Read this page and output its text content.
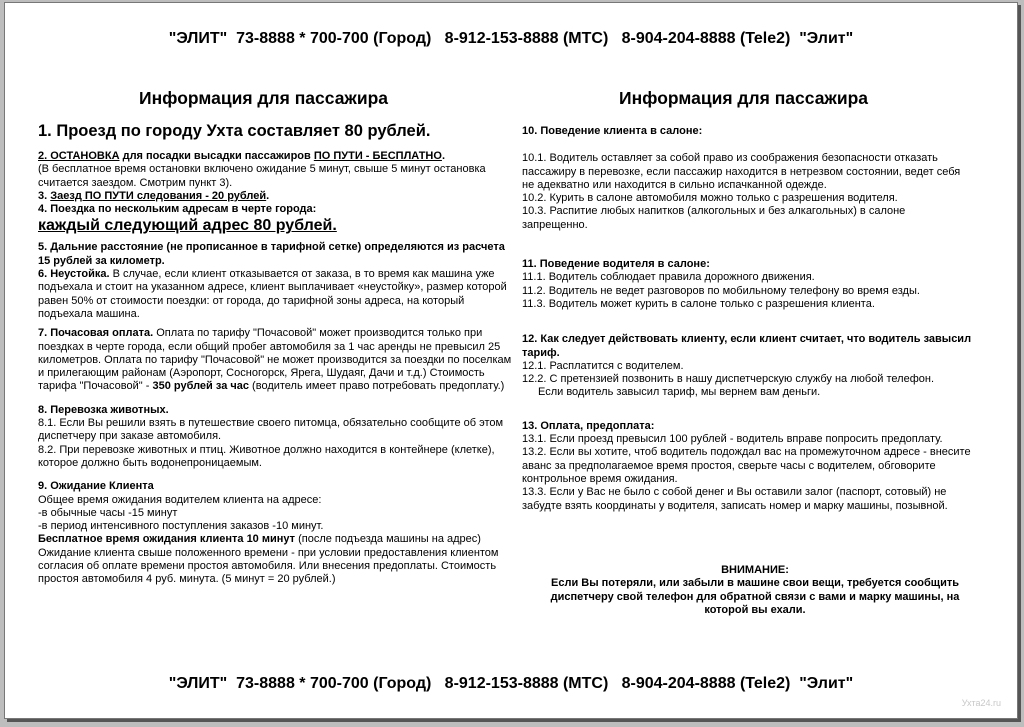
"ЭЛИТ"  73-8888 * 700-700 (Город)   8-912-153-8888 (МТС)   8-904-204-8888 (Tele2)  "Элит"
Информация для пассажира	Информация для пассажира
1. Проезд по городу Ухта составляет 80 рублей.
2. ОСТАНОВКА для посадки высадки пассажиров ПО ПУТИ - БЕСПЛАТНО.
(В бесплатное время остановки включено ожидание 5 минут, свыше 5 минут остановка считается заездом. Смотрим пункт 3).
3. Заезд ПО ПУТИ следования - 20 рублей.
4. Поездка по нескольким адресам в черте города:
каждый следующий адрес 80 рублей.
5. Дальние расстояние (не прописанное в тарифной сетке) определяются из расчета 15 рублей за километр.
6. Неустойка. В случае, если клиент отказывается от заказа, в то время как машина уже подъехала и стоит на указанном адресе, клиент выплачивает «неустойку», размер которой равен 50% от стоимости поездки: от города, до тарифной зоны адреса, на который подъехала машина.
7. Почасовая оплата. Оплата по тарифу "Почасовой" может производится только при поездках в черте города, если общий пробег автомобиля за 1 час аренды не превысил 25 километров. Оплата по тарифу "Почасовой" не может производится за поездки по поселкам и прилегающим районам (Аэропорт, Сосногорск, Ярега, Шудаяг, Дачи и т.д.) Стоимость тарифа "Почасовой" - 350 рублей за час (водитель имеет право потребовать предоплату.)
8. Перевозка животных.
8.1. Если Вы решили взять в путешествие своего питомца, обязательно сообщите об этом диспетчеру при заказе автомобиля.
8.2. При перевозке животных и птиц. Животное должно находится в контейнере (клетке), которое должно быть водонепроницаемым.
9. Ожидание Клиента
Общее время ожидания водителем клиента на адресе:
-в обычные часы -15 минут
-в период интенсивного поступления заказов -10 минут.
Бесплатное время ожидания клиента 10 минут (после подъезда машины на адрес)
Ожидание клиента свыше положенного времени - при условии предоставления клиентом согласия об оплате времени простоя автомобиля. Или внесения предоплаты. Стоимость простоя автомобиля 4 руб. минута. (5 минут = 20 рублей.)
10. Поведение клиента в салоне:
10.1. Водитель оставляет за собой право из соображения безопасности отказать пассажиру в перевозке, если пассажир находится в нетрезвом состоянии, ведет себя не адекватно или находится в сильно испачканной одежде.
10.2. Курить в салоне автомобиля можно только с разрешения водителя.
10.3. Распитие любых напитков (алкогольных и без алкагольных) в салоне запрещенно.
11. Поведение водителя в салоне:
11.1. Водитель соблюдает правила дорожного движения.
11.2. Водитель не ведет разговоров по мобильному телефону во время езды.
11.3. Водитель может курить в салоне только с разрешения клиента.
12. Как следует действовать клиенту, если клиент считает, что водитель завысил тариф.
12.1. Расплатится с водителем.
12.2. С претензией позвонить в нашу диспетчерскую службу на любой телефон.
Если водитель завысил тариф, мы вернем вам деньги.
13. Оплата, предоплата:
13.1. Если проезд превысил 100 рублей - водитель вправе попросить предоплату.
13.2. Если вы хотите, чтоб водитель подождал вас на промежуточном адресе - внесите аванс за предполагаемое время простоя, сверьте часы с водителем, обговорите контрольное время ожидания.
13.3. Если у Вас не было с собой денег и Вы оставили залог (паспорт, сотовый) не забудте взять координаты у водителя, записать номер и марку машины, позывной.
ВНИМАНИЕ:
Если Вы потеряли, или забыли в машине свои вещи, требуется сообщить диспетчеру свой телефон для обратной связи с вами и марку машины, на которой вы ехали.
"ЭЛИТ"  73-8888 * 700-700 (Город)   8-912-153-8888 (МТС)   8-904-204-8888 (Tele2)  "Элит"
Ухта24.ru
